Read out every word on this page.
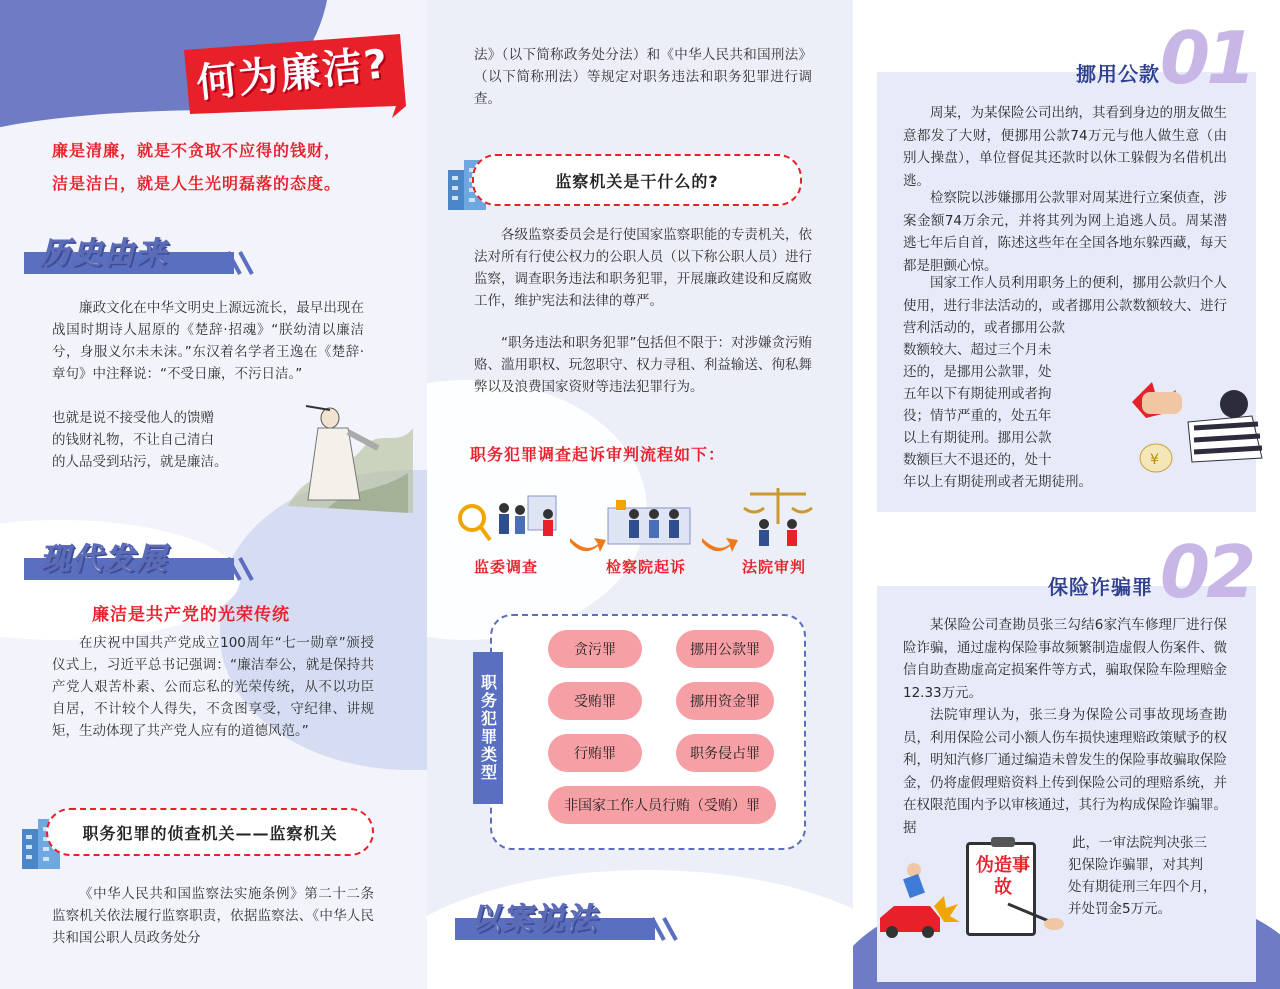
何为廉洁?
廉是清廉，就是不贪取不应得的钱财，
洁是洁白，就是人生光明磊落的态度。
历史由来
廉政文化在中华文明史上源远流长，最早出现在战国时期诗人屈原的《楚辞·招魂》“朕幼清以廉洁兮，身服义尔未未沫。”东汉着名学者王逸在《楚辞·章句》中注释说：“不受日廉，不污日洁。”
也就是说不接受他人的馈赠
的钱财礼物，不让自己清白
的人品受到玷污，就是廉洁。
现代发展
廉洁是共产党的光荣传统
在庆祝中国共产党成立100周年“七一勋章”颁授仪式上，习近平总书记强调：“廉洁奉公，就是保持共产党人艰苦朴素、公而忘私的光荣传统，从不以功臣自居，不计较个人得失，不贪图享受，守纪律、讲规矩，生动体现了共产党人应有的道德风范。”
职务犯罪的侦查机关——监察机关
《中华人民共和国监察法实施条例》第二十二条监察机关依法履行监察职责，依据监察法、《中华人民共和国公职人员政务处分
法》（以下简称政务处分法）和《中华人民共和国刑法》（以下简称刑法）等规定对职务违法和职务犯罪进行调查。
监察机关是干什么的?
各级监察委员会是行使国家监察职能的专责机关，依法对所有行使公权力的公职人员（以下称公职人员）进行监察，调查职务违法和职务犯罪，开展廉政建设和反腐败工作，维护宪法和法律的尊严。
“职务违法和职务犯罪”包括但不限于：对涉嫌贪污贿赂、滥用职权、玩忽职守、权力寻租、利益输送、徇私舞弊以及浪费国家资财等违法犯罪行为。
职务犯罪调查起诉审判流程如下：
监委调查	检察院起诉	法院审判
职务犯罪类型
贪污罪	挪用公款罪
受贿罪	挪用资金罪
行贿罪	职务侵占罪
非国家工作人员行贿（受贿）罪
以案说法
01
挪用公款
周某，为某保险公司出纳，其看到身边的朋友做生意都发了大财，便挪用公款74万元与他人做生意（由别人操盘），单位督促其还款时以休工躲假为名借机出逃。
检察院以涉嫌挪用公款罪对周某进行立案侦查，涉案金额74万余元，并将其列为网上追逃人员。周某潜逃七年后自首，陈述这些年在全国各地东躲西藏，每天都是胆颤心惊。
国家工作人员利用职务上的便利，挪用公款归个人使用，进行非法活动的，或者挪用公款数额较大、进行营利活动的，或者挪用公款
数额较大、超过三个月未
还的，是挪用公款罪，处
五年以下有期徒刑或者拘
役；情节严重的，处五年
以上有期徒刑。挪用公款
数额巨大不退还的，处十
年以上有期徒刑或者无期徒刑。
¥
02
保险诈骗罪
某保险公司查勘员张三勾结6家汽车修理厂进行保险诈骗，通过虚构保险事故频繁制造虚假人伤案件、微信自助查勘虚高定损案件等方式，骗取保险车险理赔金12.33万元。
法院审理认为，张三身为保险公司事故现场查勘员，利用保险公司小额人伤车损快速理赔政策赋予的权利，明知汽修厂通过编造未曾发生的保险事故骗取保险金，仍将虚假理赔资料上传到保险公司的理赔系统，并在权限范围内予以审核通过，其行为构成保险诈骗罪。据
此，一审法院判决张三
犯保险诈骗罪，对其判
处有期徒刑三年四个月，
并处罚金5万元。
伪造事故
